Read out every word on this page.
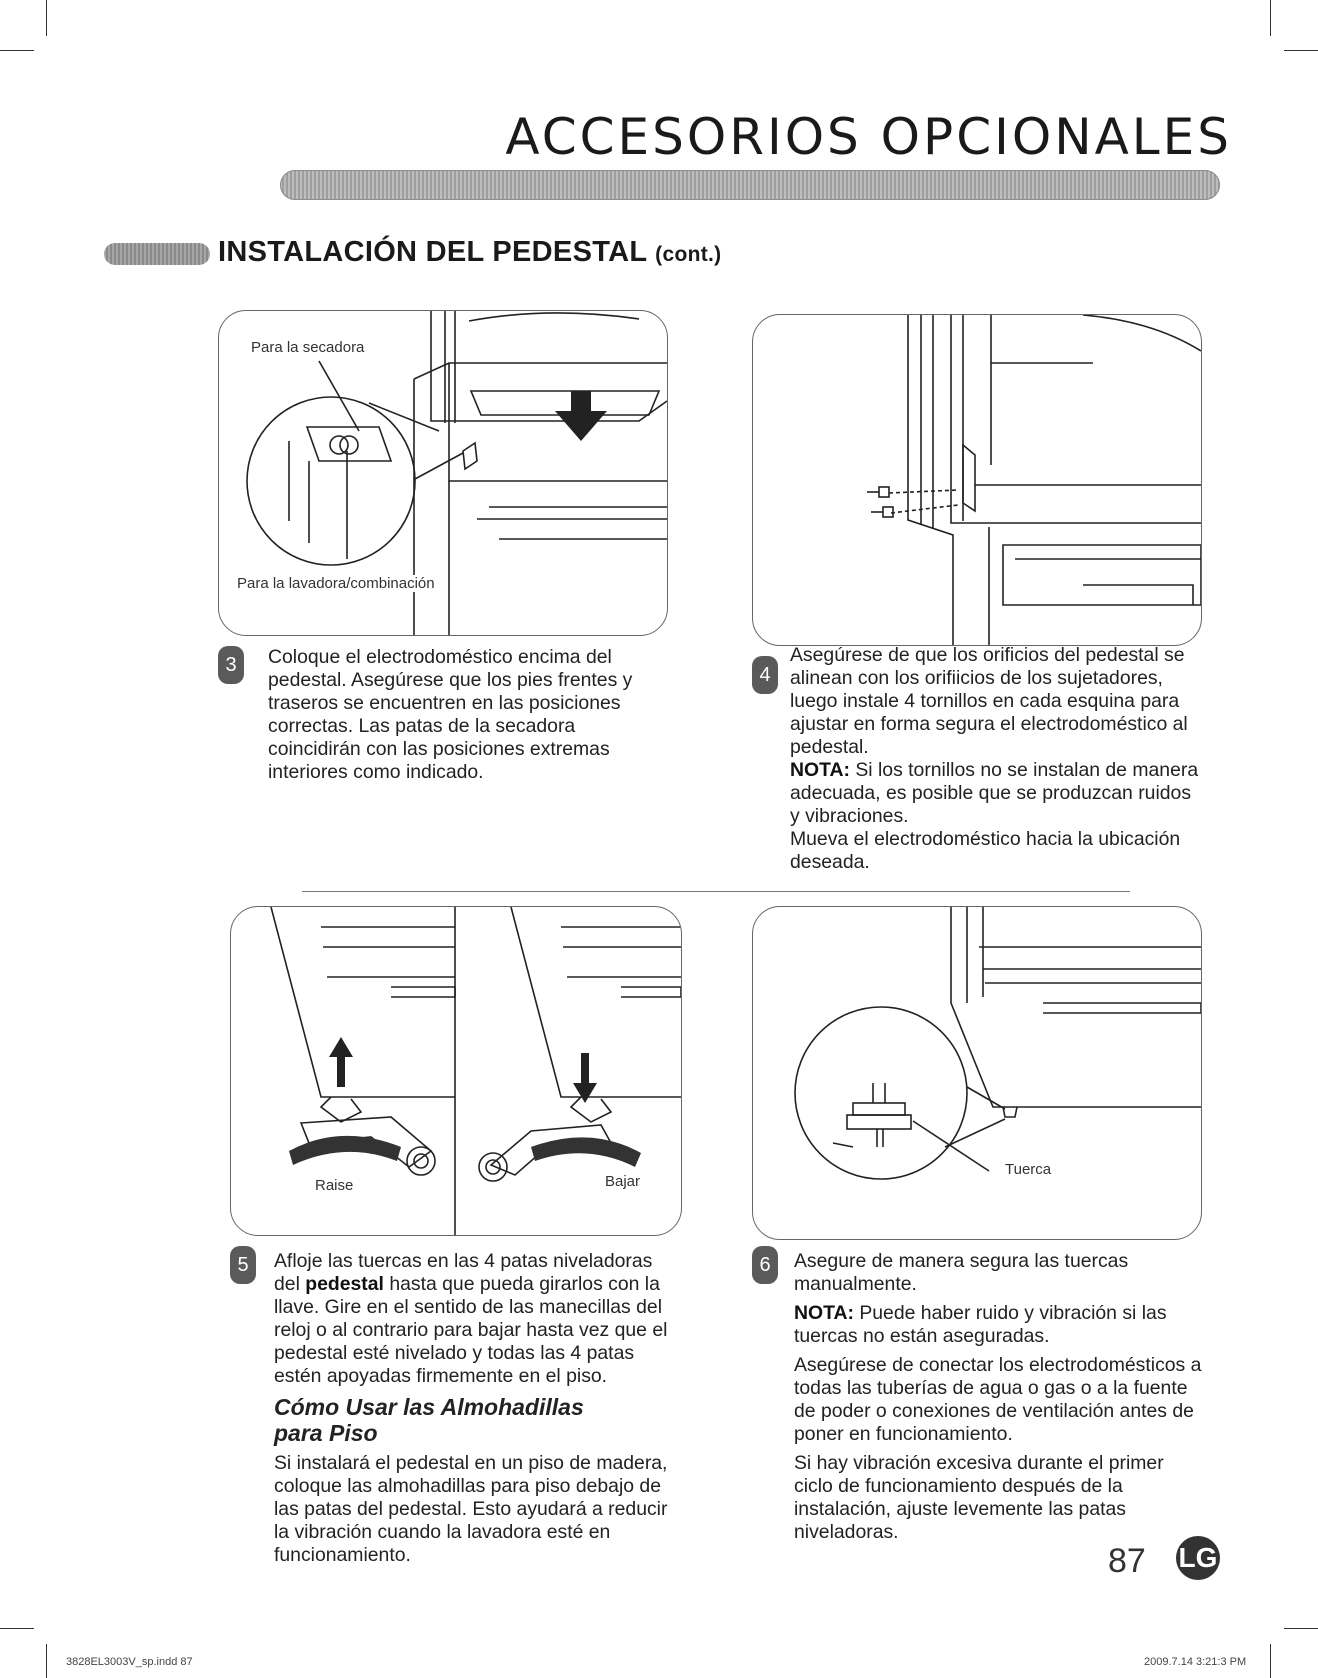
ACCESORIOS OPCIONALES
INSTALACIÓN DEL PEDESTAL (cont.)
Para la secadora
Para la lavadora/combinación
3	Coloque el electrodoméstico encima del pedestal. Asegúrese que los pies frentes y traseros se encuentren en las posiciones correctas. Las patas de la secadora coincidirán con las posiciones extremas interiores como indicado.

4

Asegúrese de que los orificios del pedestal se alinean con los orifiicios de los sujetadores, luego instale 4 tornillos en cada esquina para ajustar en forma segura el electrodoméstico al pedestal.

NOTA: Si los tornillos no se instalan de manera adecuada, es posible que se produzcan ruidos y vibraciones.

Mueva el electrodoméstico hacia la ubicación deseada.

Raise	Bajar
Tuerca
5	Afloje las tuercas en las 4 patas niveladoras del pedestal hasta que pueda girarlos con la llave. Gire en el sentido de las manecillas del reloj o al contrario para bajar hasta vez que el pedestal esté nivelado y todas las 4 patas estén apoyadas firmemente en el piso.

Cómo Usar las Almohadillas para Piso

Si instalará el pedestal en un piso de madera, coloque las almohadillas para piso debajo de las patas del pedestal. Esto ayudará a reducir la vibración cuando la lavadora esté en funcionamiento.

6	Asegure de manera segura las tuercas manualmente.

NOTA: Puede haber ruido y vibración si las tuercas no están aseguradas.

Asegúrese de conectar los electrodomésticos a todas las tuberías de agua o gas o a la fuente de poder o conexiones de ventilación antes de poner en funcionamiento.

Si hay vibración excesiva durante el primer ciclo de funcionamiento después de la instalación, ajuste levemente las patas niveladoras.

87 LG
3828EL3003V_sp.indd 87	2009.7.14 3:21:3 PM
